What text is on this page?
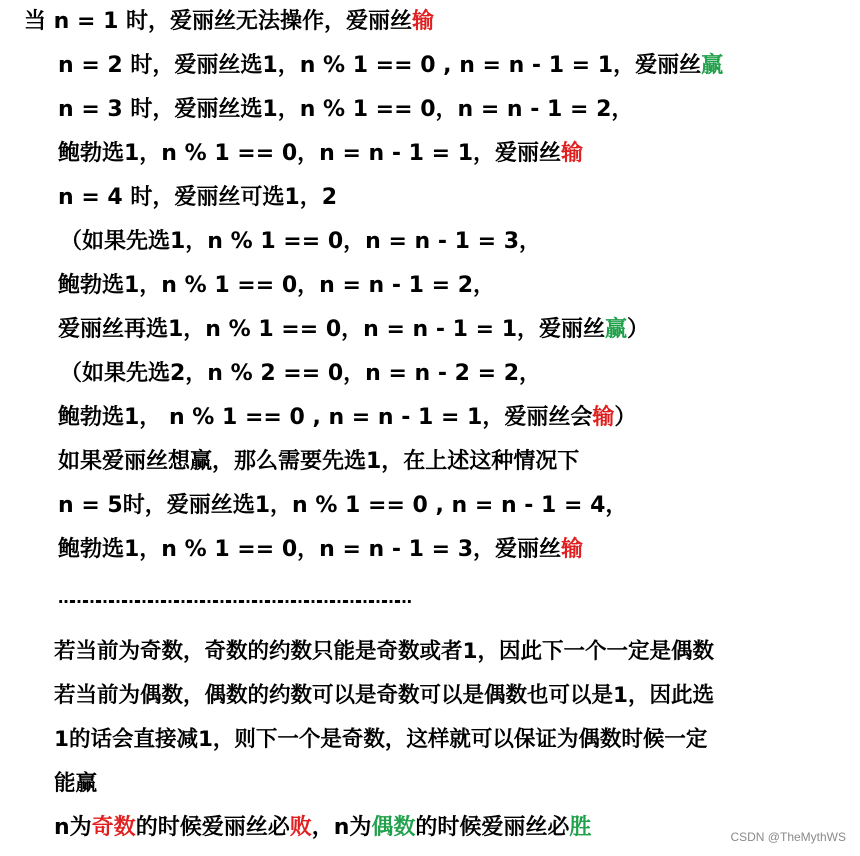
当 n = 1 时，爱丽丝无法操作，爱丽丝输
n = 2 时，爱丽丝选1，n % 1 == 0 , n = n - 1 = 1，爱丽丝赢
n = 3 时，爱丽丝选1，n % 1 == 0，n = n - 1 = 2，
鲍勃选1，n % 1 == 0，n = n - 1 = 1，爱丽丝输
n = 4 时，爱丽丝可选1，2
（如果先选1，n % 1 == 0，n = n - 1 = 3，
鲍勃选1，n % 1 == 0，n = n - 1 = 2，
爱丽丝再选1，n % 1 == 0，n = n - 1 = 1，爱丽丝赢）
（如果先选2，n % 2 == 0，n = n - 2 = 2，
鲍勃选1， n % 1 == 0 , n = n - 1 = 1，爱丽丝会输）
如果爱丽丝想赢，那么需要先选1，在上述这种情况下
n = 5时，爱丽丝选1，n % 1 == 0 , n = n - 1 = 4，
鲍勃选1，n % 1 == 0，n = n - 1 = 3，爱丽丝输
………………………………………………………………………
若当前为奇数，奇数的约数只能是奇数或者1，因此下一个一定是偶数
若当前为偶数，偶数的约数可以是奇数可以是偶数也可以是1，因此选
1的话会直接减1，则下一个是奇数，这样就可以保证为偶数时候一定
能赢
n为奇数的时候爱丽丝必败，n为偶数的时候爱丽丝必胜	CSDN @TheMythWS
